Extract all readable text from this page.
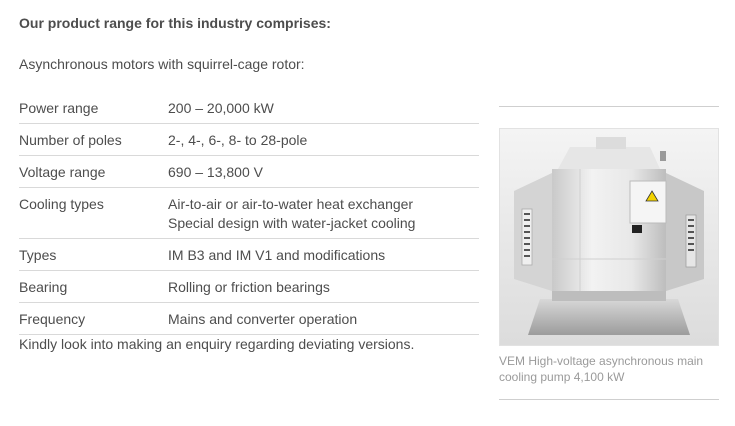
Our product range for this industry comprises:
Asynchronous motors with squirrel-cage rotor:
Power range	200 – 20,000 kW
Number of poles	2-, 4-, 6-, 8- to 28-pole
Voltage range	690 – 13,800 V
Cooling types	Air-to-air or air-to-water heat exchanger
Special design with water-jacket cooling
Types	IM B3 and IM V1 and modifications
Bearing	Rolling or friction bearings
Frequency	Mains and converter operation
Kindly look into making an enquiry regarding deviating versions.
VEM High-voltage asynchronous main cooling pump 4,100 kW
